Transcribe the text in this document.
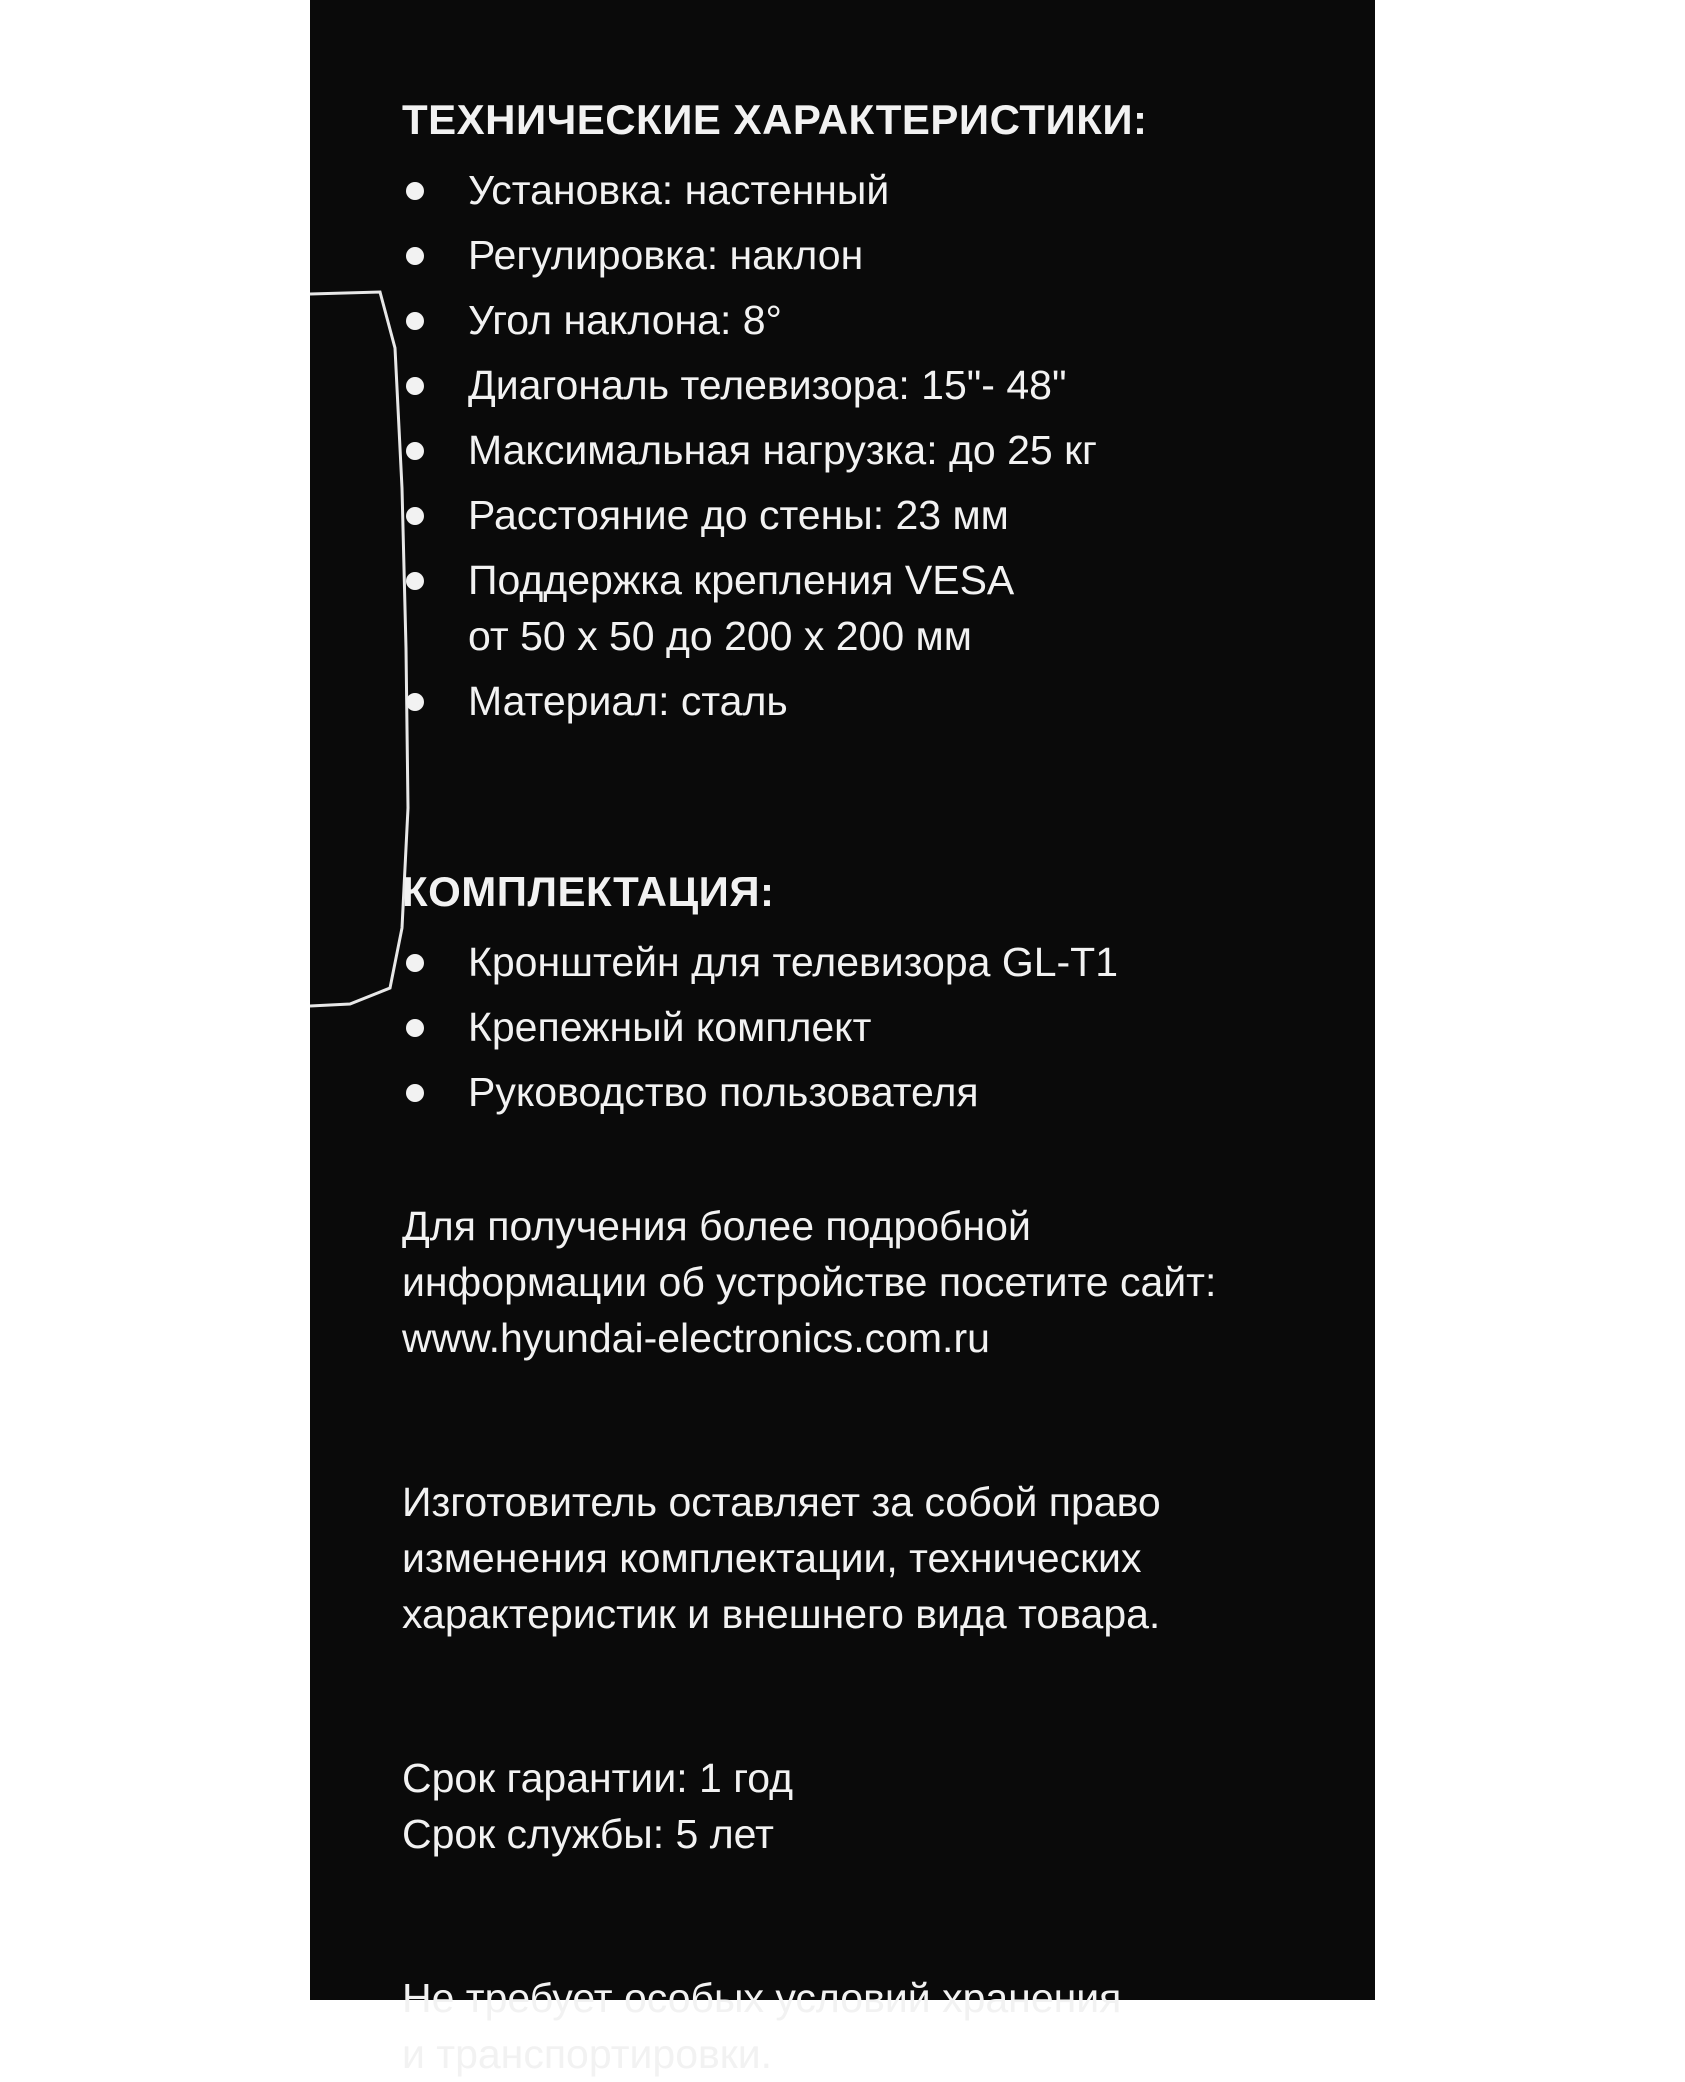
ТЕХНИЧЕСКИЕ ХАРАКТЕРИСТИКИ:
Установка: настенный
Регулировка: наклон
Угол наклона: 8°
Диагональ телевизора: 15"- 48"
Максимальная нагрузка: до 25 кг
Расстояние до стены: 23 мм
Поддержка крепления VESA
от 50 x 50 до 200 x 200 мм
Материал: сталь
КОМПЛЕКТАЦИЯ:
Кронштейн для телевизора GL-T1
Крепежный комплект
Руководство пользователя

Для получения более подробной
информации об устройстве посетите сайт:
www.hyundai-electronics.com.ru

Изготовитель оставляет за собой право
изменения комплектации, технических
характеристик и внешнего вида товара.

Срок гарантии: 1 год
Срок службы: 5 лет

Не требует особых условий хранения
и транспортировки.
